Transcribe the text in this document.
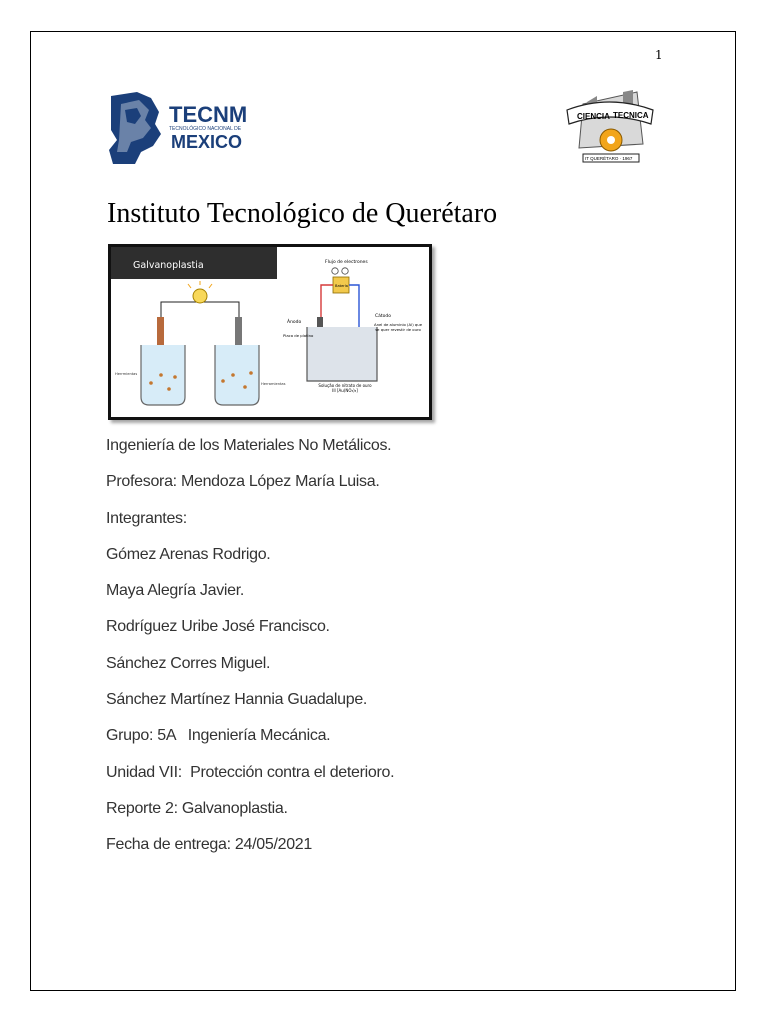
1
TECNM
TECNOLÓGICO NACIONAL DE
MEXICO
CIENCIA TECNICA
IT QUERÉTARO · 1967
Instituto Tecnológico de Querétaro
Galvanoplastia
Herrmientas
Herramientas
Flujo de electrones
Batería
Ánodo
Cátodo
Placa de platino
Anel de aluminio (Al) que se quer revestir de ouro
Solução de nitrato de ouro III [Au(NO₃)₃]
Ingeniería de los Materiales No Metálicos.
Profesora: Mendoza López María Luisa.
Integrantes:
Gómez Arenas Rodrigo.
Maya Alegría Javier.
Rodríguez Uribe José Francisco.
Sánchez Corres Miguel.
Sánchez Martínez Hannia Guadalupe.
Grupo: 5A   Ingeniería Mecánica.
Unidad VII:  Protección contra el deterioro.
Reporte 2: Galvanoplastia.
Fecha de entrega: 24/05/2021
